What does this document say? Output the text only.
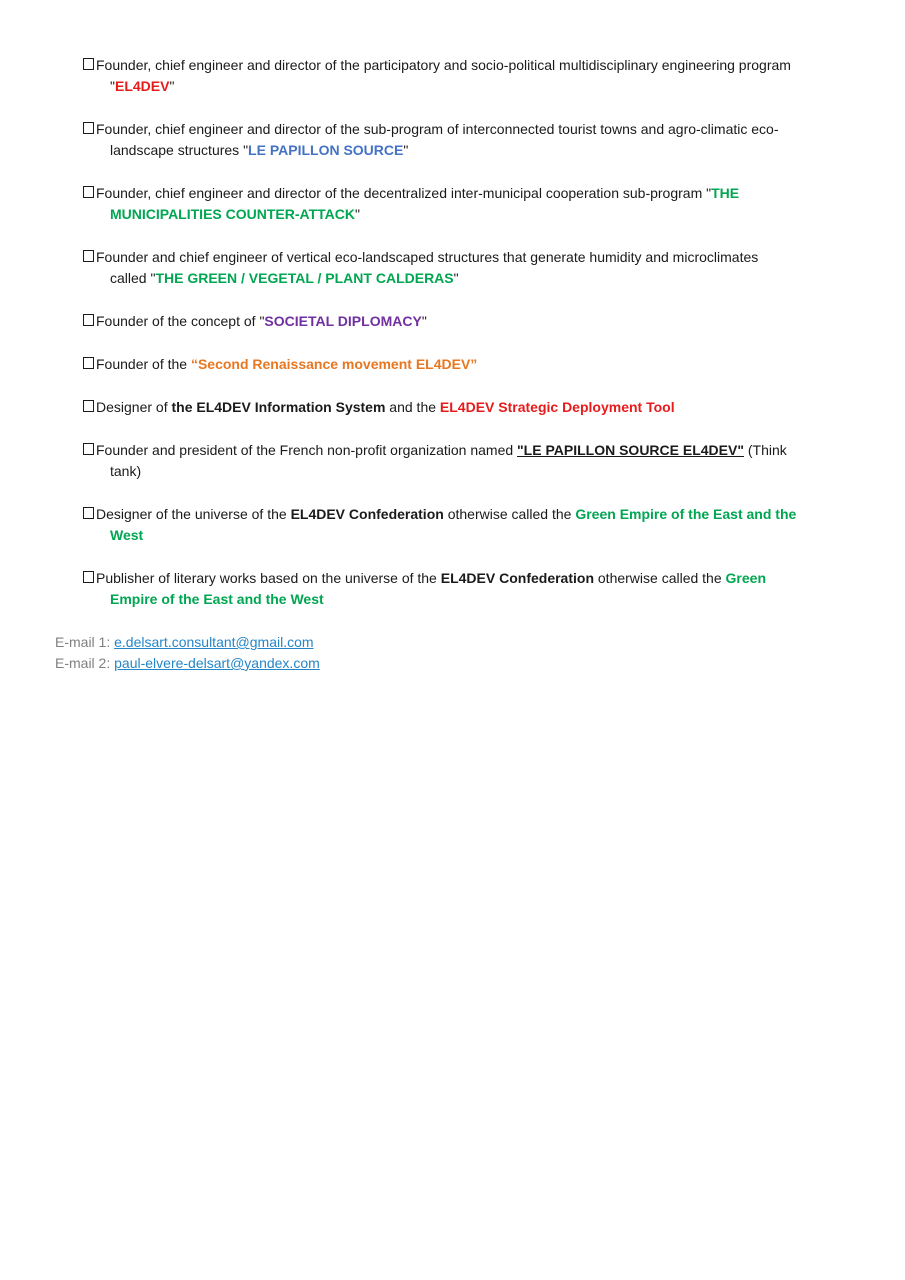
Founder, chief engineer and director of the participatory and socio-political multidisciplinary engineering program
"EL4DEV"
Founder, chief engineer and director of the sub-program of interconnected tourist towns and agro-climatic eco-
landscape structures "LE PAPILLON SOURCE"
Founder, chief engineer and director of the decentralized inter-municipal cooperation sub-program "THE
MUNICIPALITIES COUNTER-ATTACK"
Founder and chief engineer of vertical eco-landscaped structures that generate humidity and microclimates
called "THE GREEN / VEGETAL / PLANT CALDERAS"
Founder of the concept of "SOCIETAL DIPLOMACY"
Founder of the “Second Renaissance movement EL4DEV”
Designer of the EL4DEV Information System and the EL4DEV Strategic Deployment Tool
Founder and president of the French non-profit organization named "LE PAPILLON SOURCE EL4DEV" (Think
tank)
Designer of the universe of the EL4DEV Confederation otherwise called the Green Empire of the East and the
West
Publisher of literary works based on the universe of the EL4DEV Confederation otherwise called the Green
Empire of the East and the West
E-mail 1: e.delsart.consultant@gmail.com
E-mail 2: paul-elvere-delsart@yandex.com
